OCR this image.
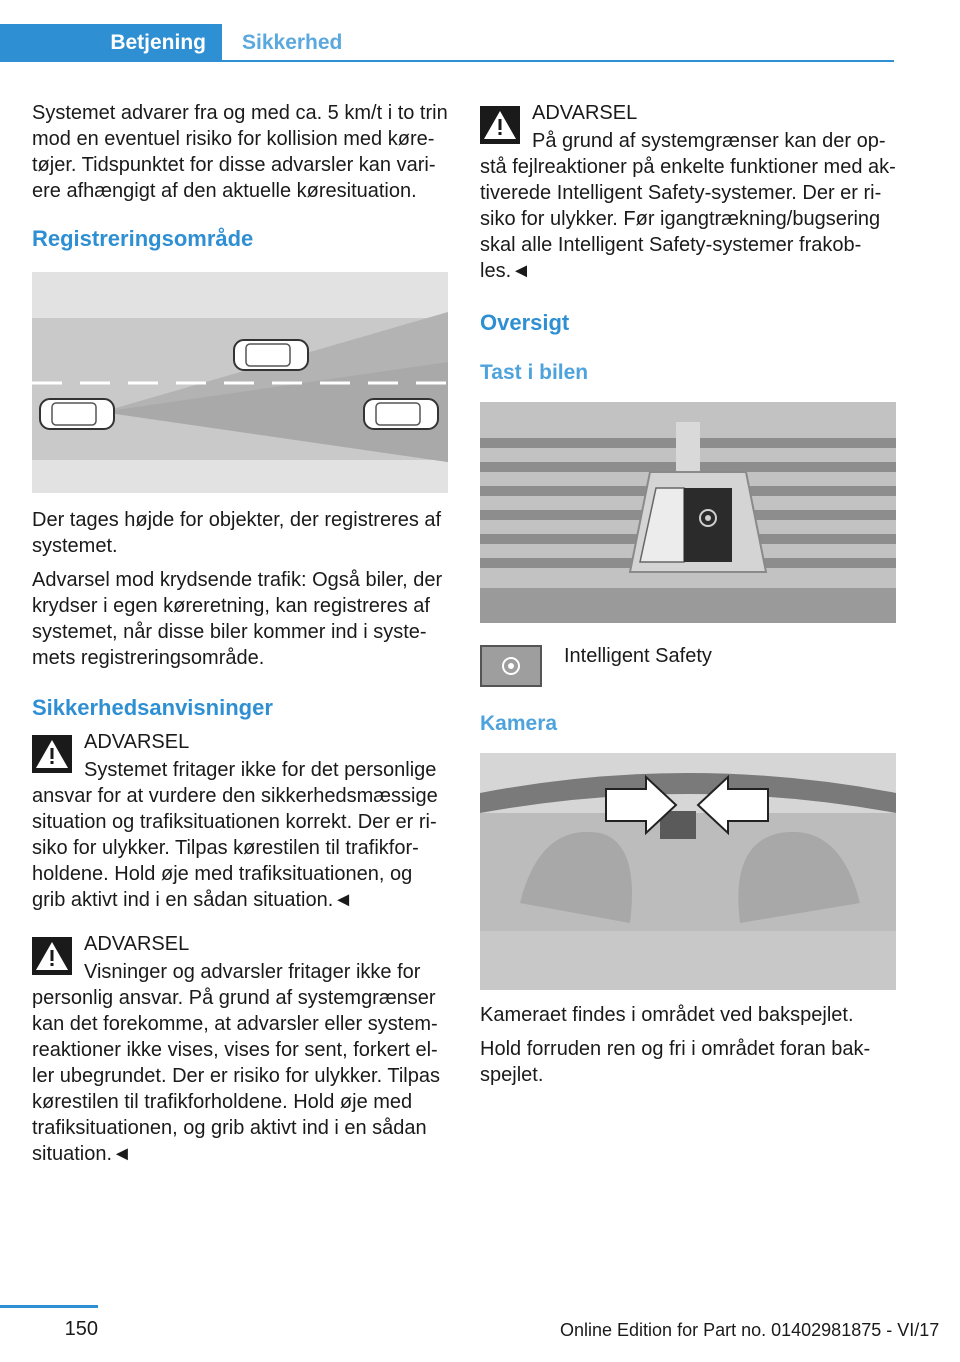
Betjening	Sikkerhed

Systemet advarer fra og med ca. 5 km/t i to trin mod en eventuel risiko for kollision med køre-tøjer. Tidspunktet for disse advarsler kan vari-ere afhængigt af den aktuelle køresituation.

Registreringsområde

Der tages højde for objekter, der registreres af systemet.

Advarsel mod krydsende trafik: Også biler, der krydser i egen køreretning, kan registreres af systemet, når disse biler kommer ind i syste-mets registreringsområde.

Sikkerhedsanvisninger
ADVARSEL
Systemet fritager ikke for det personlige ansvar for at vurdere den sikkerhedsmæssige situation og trafiksituationen korrekt. Der er ri-siko for ulykker. Tilpas kørestilen til trafikfor-holdene. Hold øje med trafiksituationen, og grib aktivt ind i en sådan situation.◄
ADVARSEL
Visninger og advarsler fritager ikke for personlig ansvar. På grund af systemgrænser kan det forekomme, at advarsler eller system-reaktioner ikke vises, vises for sent, forkert el-ler ubegrundet. Der er risiko for ulykker. Tilpas kørestilen til trafikforholdene. Hold øje med trafiksituationen, og grib aktivt ind i en sådan situation.◄
ADVARSEL
På grund af systemgrænser kan der op-stå fejlreaktioner på enkelte funktioner med ak-tiverede Intelligent Safety-systemer. Der er ri-siko for ulykker. Før igangtrækning/bugsering skal alle Intelligent Safety-systemer frakob-les.◄
Oversigt
Tast i bilen
Intelligent Safety
Kamera

Kameraet findes i området ved bakspejlet.

Hold forruden ren og fri i området foran bak-spejlet.

150	Online Edition for Part no. 01402981875 - VI/17
